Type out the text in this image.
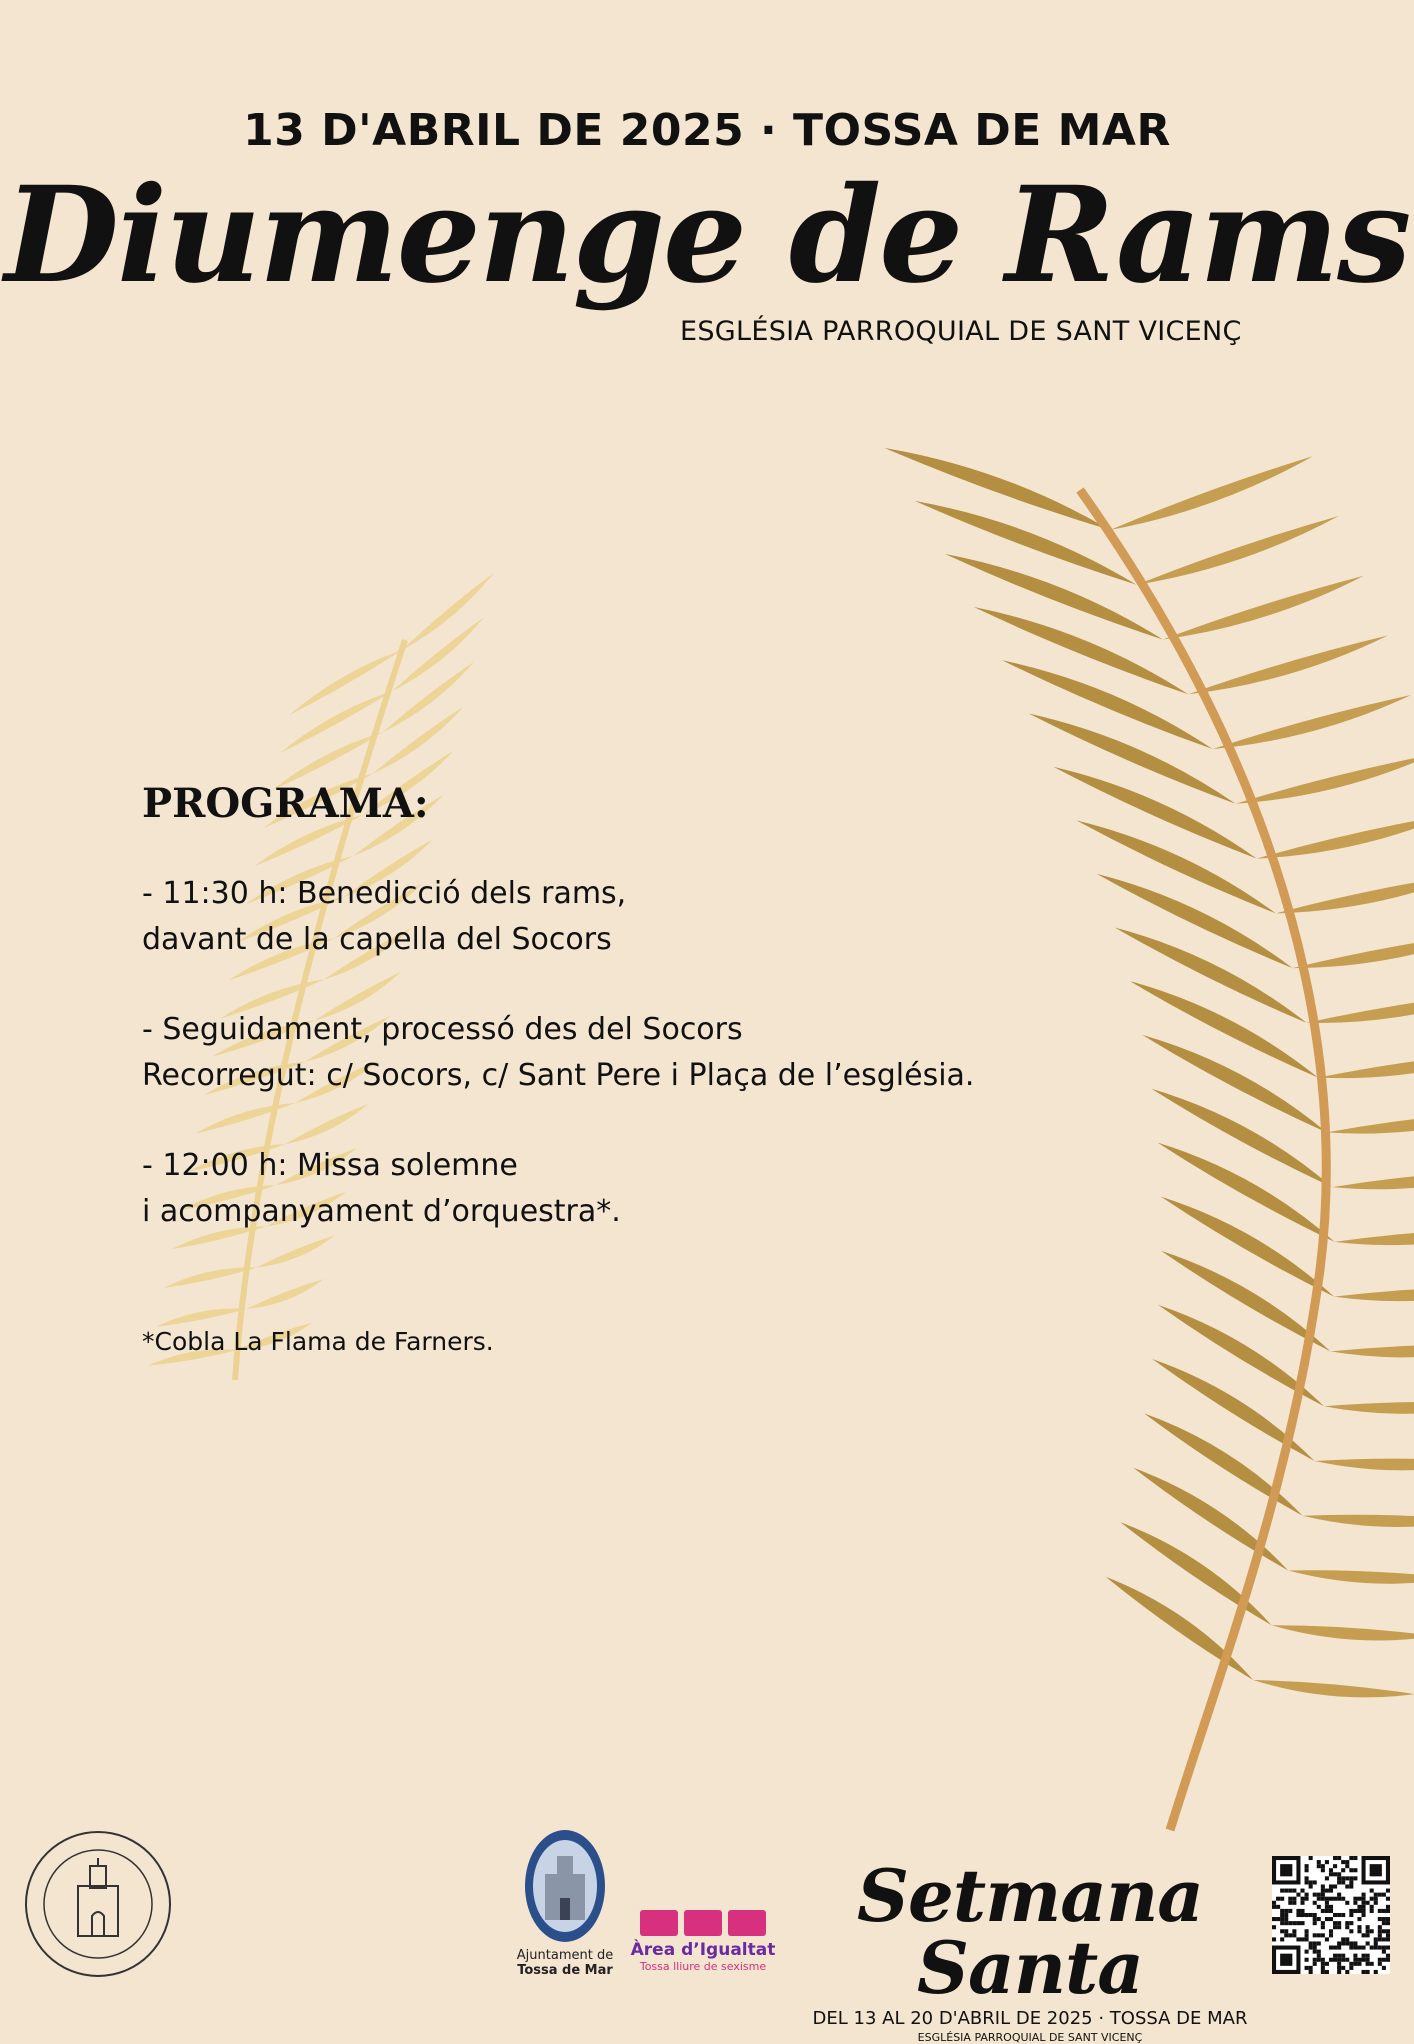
13 D'ABRIL DE 2025 · TOSSA DE MAR
Diumenge de Rams
ESGLÉSIA PARROQUIAL DE SANT VICENÇ
PROGRAMA:
- 11:30 h: Benedicció dels rams,
davant de la capella del Socors
- Seguidament, processó des del Socors
Recorregut: c/ Socors, c/ Sant Pere i Plaça de l’església.
- 12:00 h: Missa solemne
i acompanyament d’orquestra*.
*Cobla La Flama de Farners.
Ajuntament de
Tossa de Mar
Àrea d’Igualtat
Tossa lliure de sexisme
Setmana Santa
DEL 13 AL 20 D'ABRIL DE 2025 · TOSSA DE MAR
ESGLÉSIA PARROQUIAL DE SANT VICENÇ
